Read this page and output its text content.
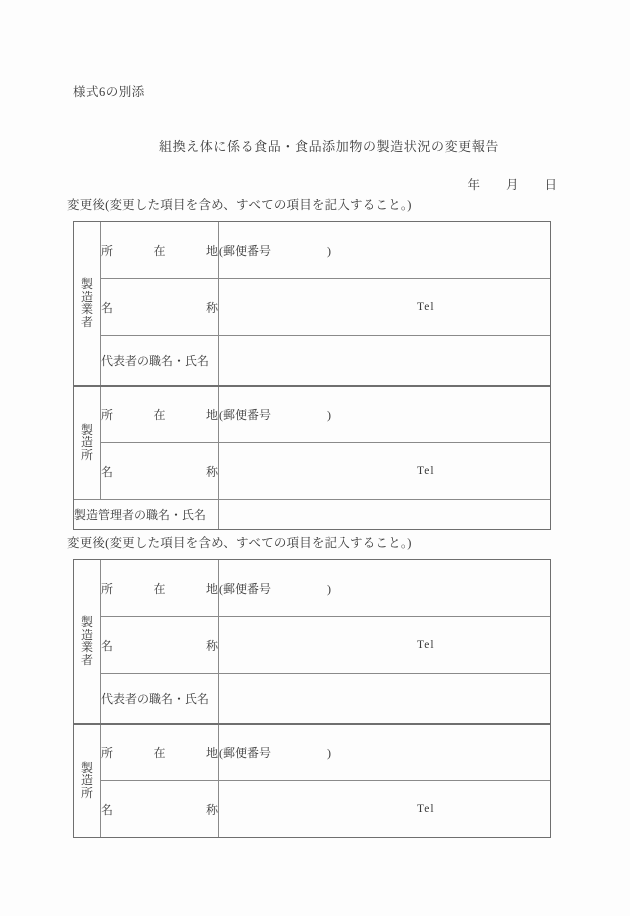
様式6の別添
組換え体に係る食品・食品添加物の製造状況の変更報告
年 月 日
変更後(変更した項目を含め、すべての項目を記入すること。)
製
造
業
者	所 在 地	(郵便番号 )

	名 称	Tel

	代表者の職名・氏名	

製
造
所	所 在 地	(郵便番号 )

	名 称	Tel

製造管理者の職名・氏名		
変更後(変更した項目を含め、すべての項目を記入すること。)
製
造
業
者	所 在 地	(郵便番号 )

	名 称	Tel

	代表者の職名・氏名	

製
造
所	所 在 地	(郵便番号 )

	名 称	Tel
